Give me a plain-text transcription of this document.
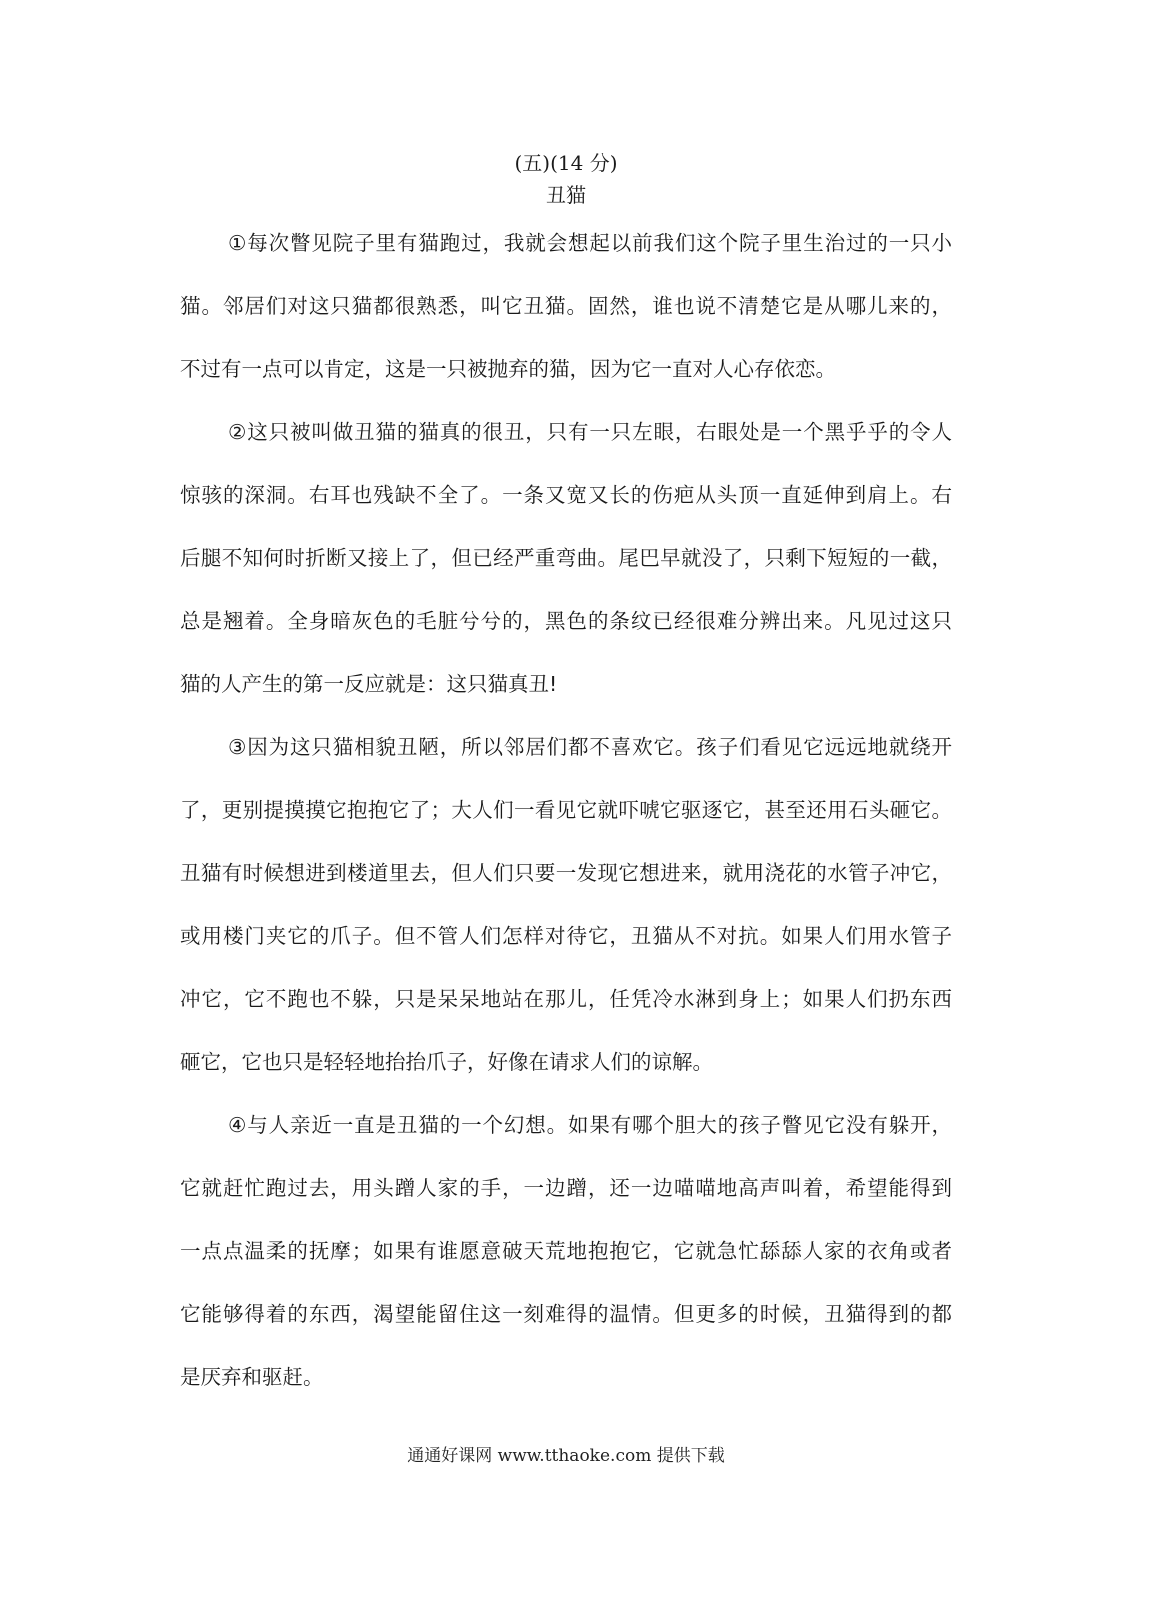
(五)(14 分)
丑猫
①每次瞥见院子里有猫跑过，我就会想起以前我们这个院子里生治过的一只小
猫。邻居们对这只猫都很熟悉，叫它丑猫。固然，谁也说不清楚它是从哪儿来的，
不过有一点可以肯定，这是一只被抛弃的猫，因为它一直对人心存依恋。
②这只被叫做丑猫的猫真的很丑，只有一只左眼，右眼处是一个黑乎乎的令人
惊骇的深洞。右耳也残缺不全了。一条又宽又长的伤疤从头顶一直延伸到肩上。右
后腿不知何时折断又接上了，但已经严重弯曲。尾巴早就没了，只剩下短短的一截，
总是翘着。全身暗灰色的毛脏兮兮的，黑色的条纹已经很难分辨出来。凡见过这只
猫的人产生的第一反应就是：这只猫真丑!
③因为这只猫相貌丑陋，所以邻居们都不喜欢它。孩子们看见它远远地就绕开
了，更别提摸摸它抱抱它了；大人们一看见它就吓唬它驱逐它，甚至还用石头砸它。
丑猫有时候想进到楼道里去，但人们只要一发现它想进来，就用浇花的水管子冲它，
或用楼门夹它的爪子。但不管人们怎样对待它，丑猫从不对抗。如果人们用水管子
冲它，它不跑也不躲，只是呆呆地站在那儿，任凭冷水淋到身上；如果人们扔东西
砸它，它也只是轻轻地抬抬爪子，好像在请求人们的谅解。
④与人亲近一直是丑猫的一个幻想。如果有哪个胆大的孩子瞥见它没有躲开，
它就赶忙跑过去，用头蹭人家的手，一边蹭，还一边喵喵地高声叫着，希望能得到
一点点温柔的抚摩；如果有谁愿意破天荒地抱抱它，它就急忙舔舔人家的衣角或者
它能够得着的东西，渴望能留住这一刻难得的温情。但更多的时候，丑猫得到的都
是厌弃和驱赶。
通通好课网 www.tthaoke.com 提供下载
